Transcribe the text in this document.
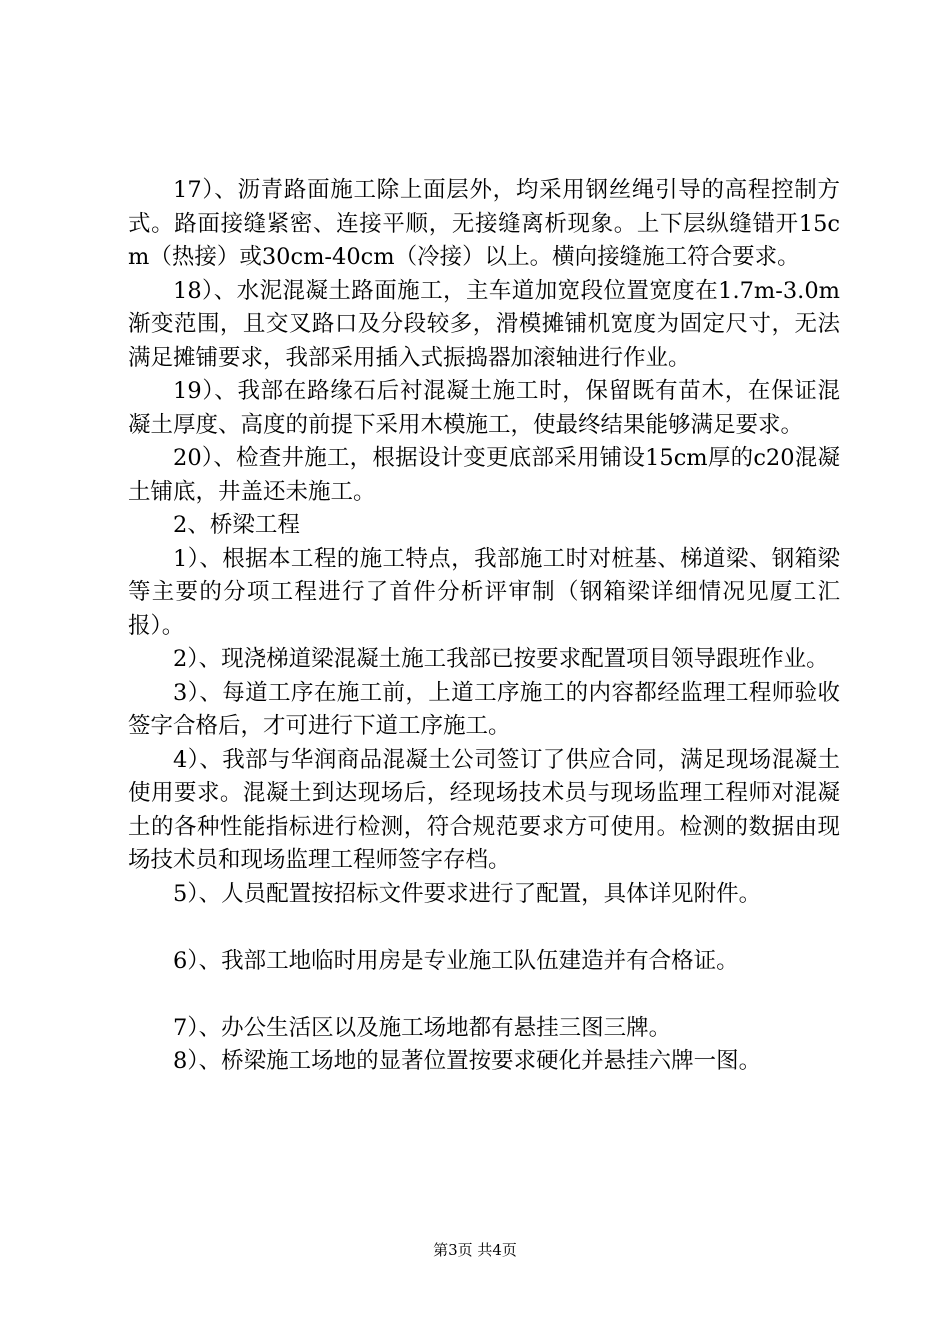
17）、沥青路面施工除上面层外，均采用钢丝绳引导的高程控制方式。路面接缝紧密、连接平顺，无接缝离析现象。上下层纵缝错开15cm（热接）或30cm-40cm（冷接）以上。横向接缝施工符合要求。

18）、水泥混凝土路面施工，主车道加宽段位置宽度在1.7m-3.0m渐变范围，且交叉路口及分段较多，滑模摊铺机宽度为固定尺寸，无法满足摊铺要求，我部采用插入式振捣器加滚轴进行作业。

19）、我部在路缘石后衬混凝土施工时，保留既有苗木，在保证混凝土厚度、高度的前提下采用木模施工，使最终结果能够满足要求。

20）、检查井施工，根据设计变更底部采用铺设15cm厚的c20混凝土铺底，井盖还未施工。

2、桥梁工程

1）、根据本工程的施工特点，我部施工时对桩基、梯道梁、钢箱梁等主要的分项工程进行了首件分析评审制（钢箱梁详细情况见厦工汇报）。

2）、现浇梯道梁混凝土施工我部已按要求配置项目领导跟班作业。

3）、每道工序在施工前，上道工序施工的内容都经监理工程师验收签字合格后，才可进行下道工序施工。

4）、我部与华润商品混凝土公司签订了供应合同，满足现场混凝土使用要求。混凝土到达现场后，经现场技术员与现场监理工程师对混凝土的各种性能指标进行检测，符合规范要求方可使用。检测的数据由现场技术员和现场监理工程师签字存档。

5）、人员配置按招标文件要求进行了配置，具体详见附件。

6）、我部工地临时用房是专业施工队伍建造并有合格证。

7）、办公生活区以及施工场地都有悬挂三图三牌。

8）、桥梁施工场地的显著位置按要求硬化并悬挂六牌一图。

第3页 共4页
